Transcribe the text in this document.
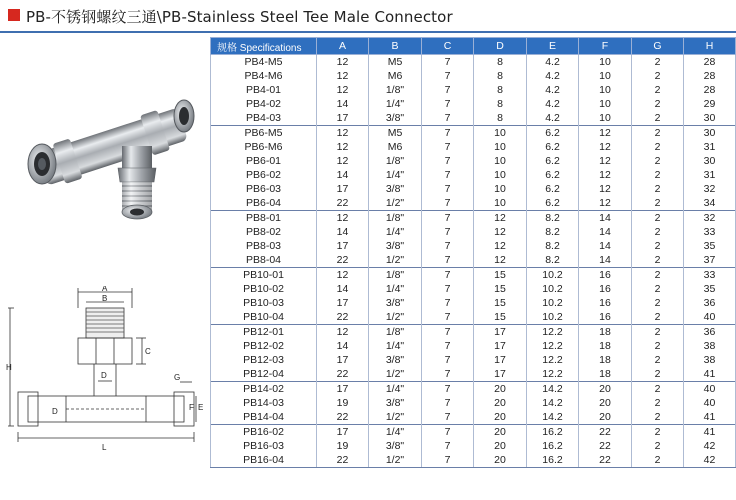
PB-不锈钢螺纹三通\PB-Stainless Steel Tee Male Connector
A
B
C
D
D
G
E
F
H
L
规格 Specifications	A	B	C	D	E	F	G	H
PB4-M5	12	M5	7	8	4.2	10	2	28
PB4-M6	12	M6	7	8	4.2	10	2	28
PB4-01	12	1/8"	7	8	4.2	10	2	28
PB4-02	14	1/4"	7	8	4.2	10	2	29
PB4-03	17	3/8"	7	8	4.2	10	2	30
PB6-M5	12	M5	7	10	6.2	12	2	30
PB6-M6	12	M6	7	10	6.2	12	2	31
PB6-01	12	1/8"	7	10	6.2	12	2	30
PB6-02	14	1/4"	7	10	6.2	12	2	31
PB6-03	17	3/8"	7	10	6.2	12	2	32
PB6-04	22	1/2"	7	10	6.2	12	2	34
PB8-01	12	1/8"	7	12	8.2	14	2	32
PB8-02	14	1/4"	7	12	8.2	14	2	33
PB8-03	17	3/8"	7	12	8.2	14	2	35
PB8-04	22	1/2"	7	12	8.2	14	2	37
PB10-01	12	1/8"	7	15	10.2	16	2	33
PB10-02	14	1/4"	7	15	10.2	16	2	35
PB10-03	17	3/8"	7	15	10.2	16	2	36
PB10-04	22	1/2"	7	15	10.2	16	2	40
PB12-01	12	1/8"	7	17	12.2	18	2	36
PB12-02	14	1/4"	7	17	12.2	18	2	38
PB12-03	17	3/8"	7	17	12.2	18	2	38
PB12-04	22	1/2"	7	17	12.2	18	2	41
PB14-02	17	1/4"	7	20	14.2	20	2	40
PB14-03	19	3/8"	7	20	14.2	20	2	40
PB14-04	22	1/2"	7	20	14.2	20	2	41
PB16-02	17	1/4"	7	20	16.2	22	2	41
PB16-03	19	3/8"	7	20	16.2	22	2	42
PB16-04	22	1/2"	7	20	16.2	22	2	42
